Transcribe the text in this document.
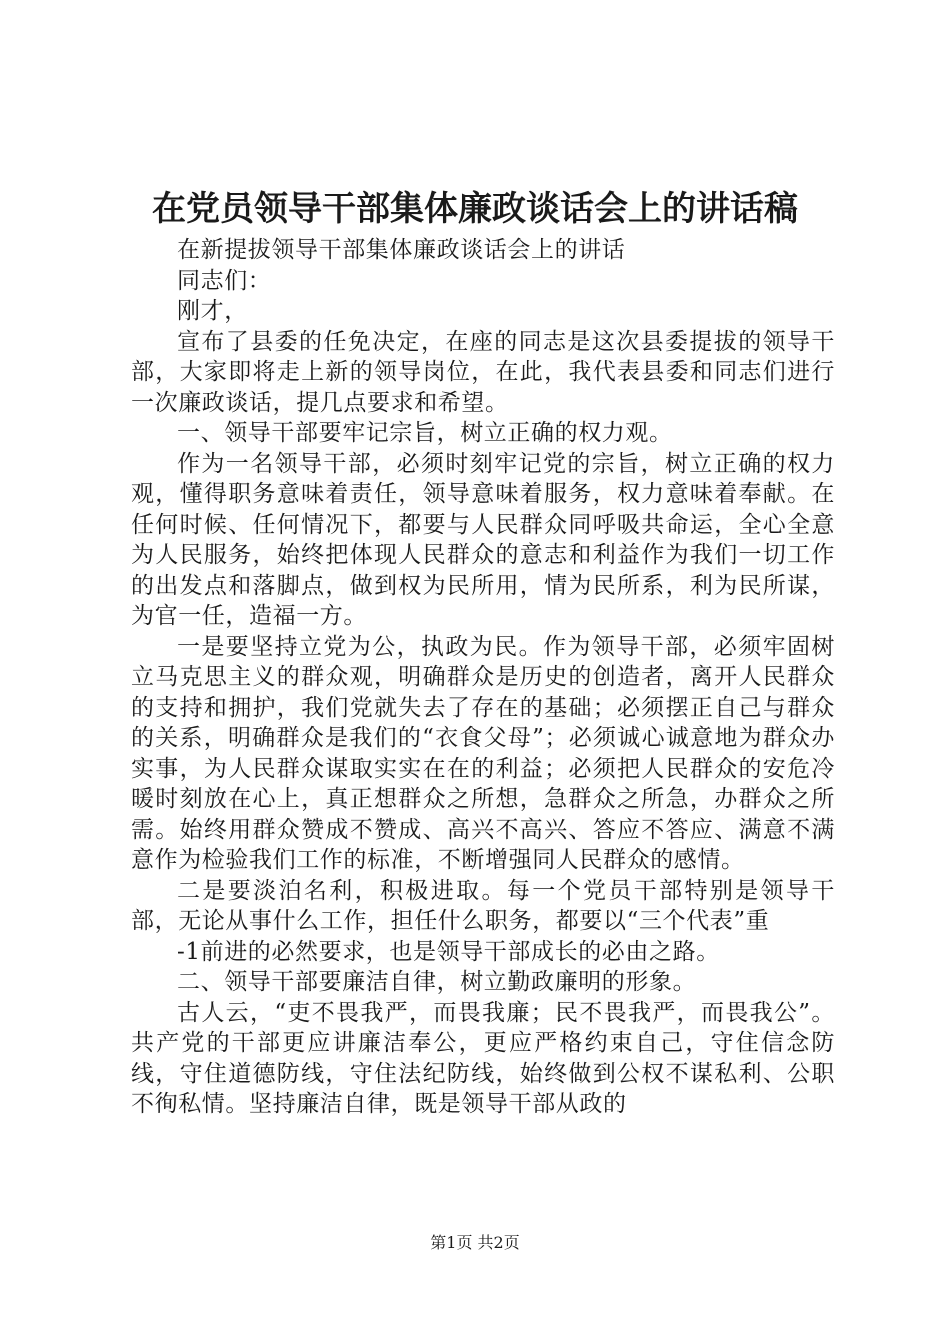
在党员领导干部集体廉政谈话会上的讲话稿

在新提拔领导干部集体廉政谈话会上的讲话

同志们：

刚才，

宣布了县委的任免决定，在座的同志是这次县委提拔的领导干部，大家即将走上新的领导岗位，在此，我代表县委和同志们进行一次廉政谈话，提几点要求和希望。

一、领导干部要牢记宗旨，树立正确的权力观。

作为一名领导干部，必须时刻牢记党的宗旨，树立正确的权力观，懂得职务意味着责任，领导意味着服务，权力意味着奉献。在任何时候、任何情况下，都要与人民群众同呼吸共命运，全心全意为人民服务，始终把体现人民群众的意志和利益作为我们一切工作的出发点和落脚点，做到权为民所用，情为民所系，利为民所谋，为官一任，造福一方。

一是要坚持立党为公，执政为民。作为领导干部，必须牢固树立马克思主义的群众观，明确群众是历史的创造者，离开人民群众的支持和拥护，我们党就失去了存在的基础；必须摆正自己与群众的关系，明确群众是我们的“衣食父母”；必须诚心诚意地为群众办实事，为人民群众谋取实实在在的利益；必须把人民群众的安危冷暖时刻放在心上，真正想群众之所想，急群众之所急，办群众之所需。始终用群众赞成不赞成、高兴不高兴、答应不答应、满意不满意作为检验我们工作的标准，不断增强同人民群众的感情。

二是要淡泊名利，积极进取。每一个党员干部特别是领导干部，无论从事什么工作，担任什么职务，都要以“三个代表”重

-1前进的必然要求，也是领导干部成长的必由之路。

二、领导干部要廉洁自律，树立勤政廉明的形象。

古人云，“吏不畏我严，而畏我廉；民不畏我严，而畏我公”。共产党的干部更应讲廉洁奉公，更应严格约束自己，守住信念防线，守住道德防线，守住法纪防线，始终做到公权不谋私利、公职不徇私情。坚持廉洁自律，既是领导干部从政的

第1页 共2页
